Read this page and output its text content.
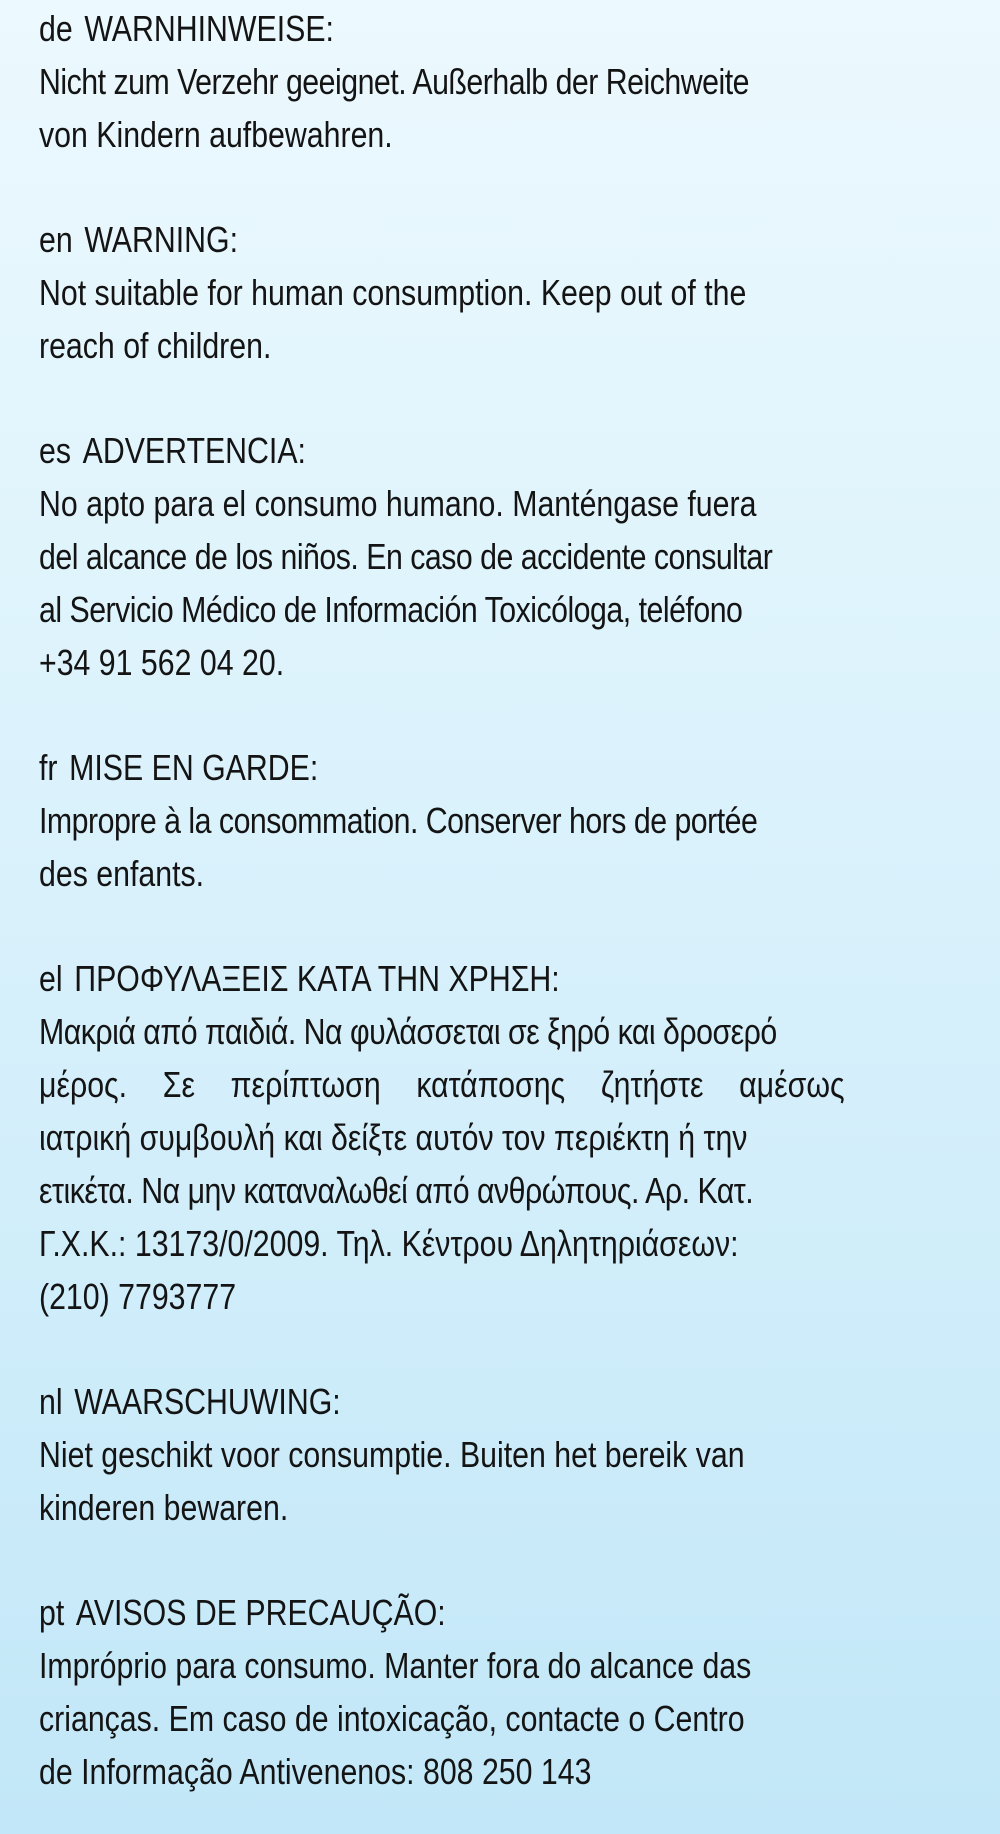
de WARNHINWEISE:
Nicht zum Verzehr geeignet. Außerhalb der Reichweite
von Kindern aufbewahren.
en WARNING:
Not suitable for human consumption. Keep out of the
reach of children.
es ADVERTENCIA:
No apto para el consumo humano. Manténgase fuera
del alcance de los niños. En caso de accidente consultar
al Servicio Médico de Información Toxicóloga, teléfono
+34 91 562 04 20.
fr MISE EN GARDE:
Impropre à la consommation. Conserver hors de portée
des enfants.
el ΠΡΟΦΥΛΑΞΕΙΣ ΚΑΤΑ ΤΗΝ ΧΡΗΣΗ:
Μακριά από παιδιά. Να φυλάσσεται σε ξηρό και δροσερό
μέρος. Σε περίπτωση κατάποσης ζητήστε αμέσως
ιατρική συμβουλή και δείξτε αυτόν τον περιέκτη ή την
ετικέτα. Να μην καταναλωθεί από ανθρώπους. Αρ. Κατ.
Γ.Χ.Κ.: 13173/0/2009. Τηλ. Κέντρου Δηλητηριάσεων:
(210) 7793777
nl WAARSCHUWING:
Niet geschikt voor consumptie. Buiten het bereik van
kinderen bewaren.
pt AVISOS DE PRECAUÇÃO:
Impróprio para consumo. Manter fora do alcance das
crianças. Em caso de intoxicação, contacte o Centro
de Informação Antivenenos: 808 250 143
